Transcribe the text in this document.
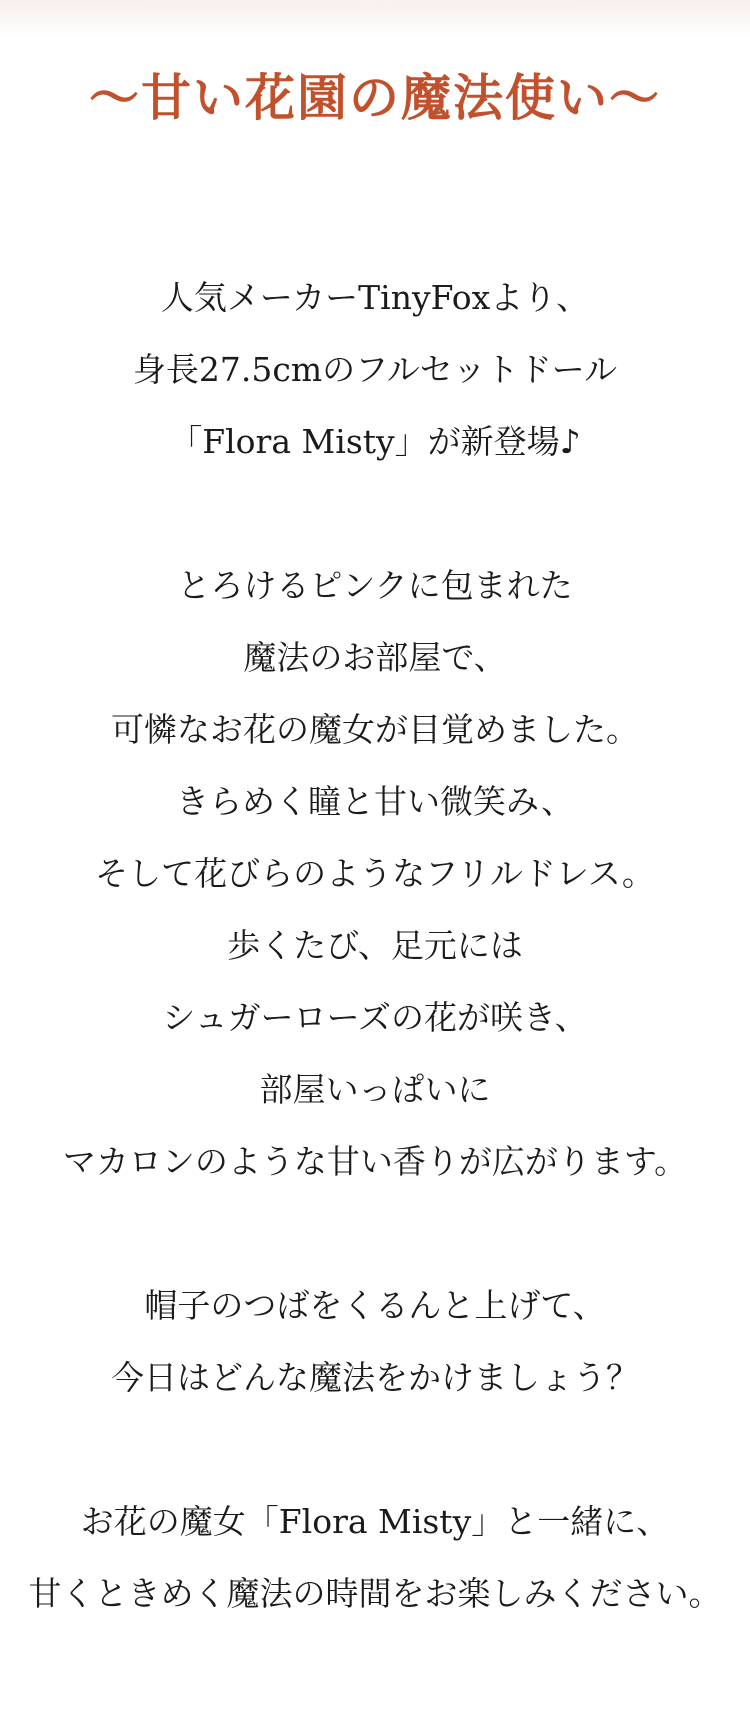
〜甘い花園の魔法使い〜

人気メーカーTinyFoxより、
身長27.5cmのフルセットドール
「Flora Misty」が新登場♪

とろけるピンクに包まれた
魔法のお部屋で、
可憐なお花の魔女が目覚めました。
きらめく瞳と甘い微笑み、
そして花びらのようなフリルドレス。
歩くたび、足元には
シュガーローズの花が咲き、
部屋いっぱいに
マカロンのような甘い香りが広がります。

帽子のつばをくるんと上げて、
今日はどんな魔法をかけましょう？

お花の魔女「Flora Misty」と一緒に、
甘くときめく魔法の時間をお楽しみください。
